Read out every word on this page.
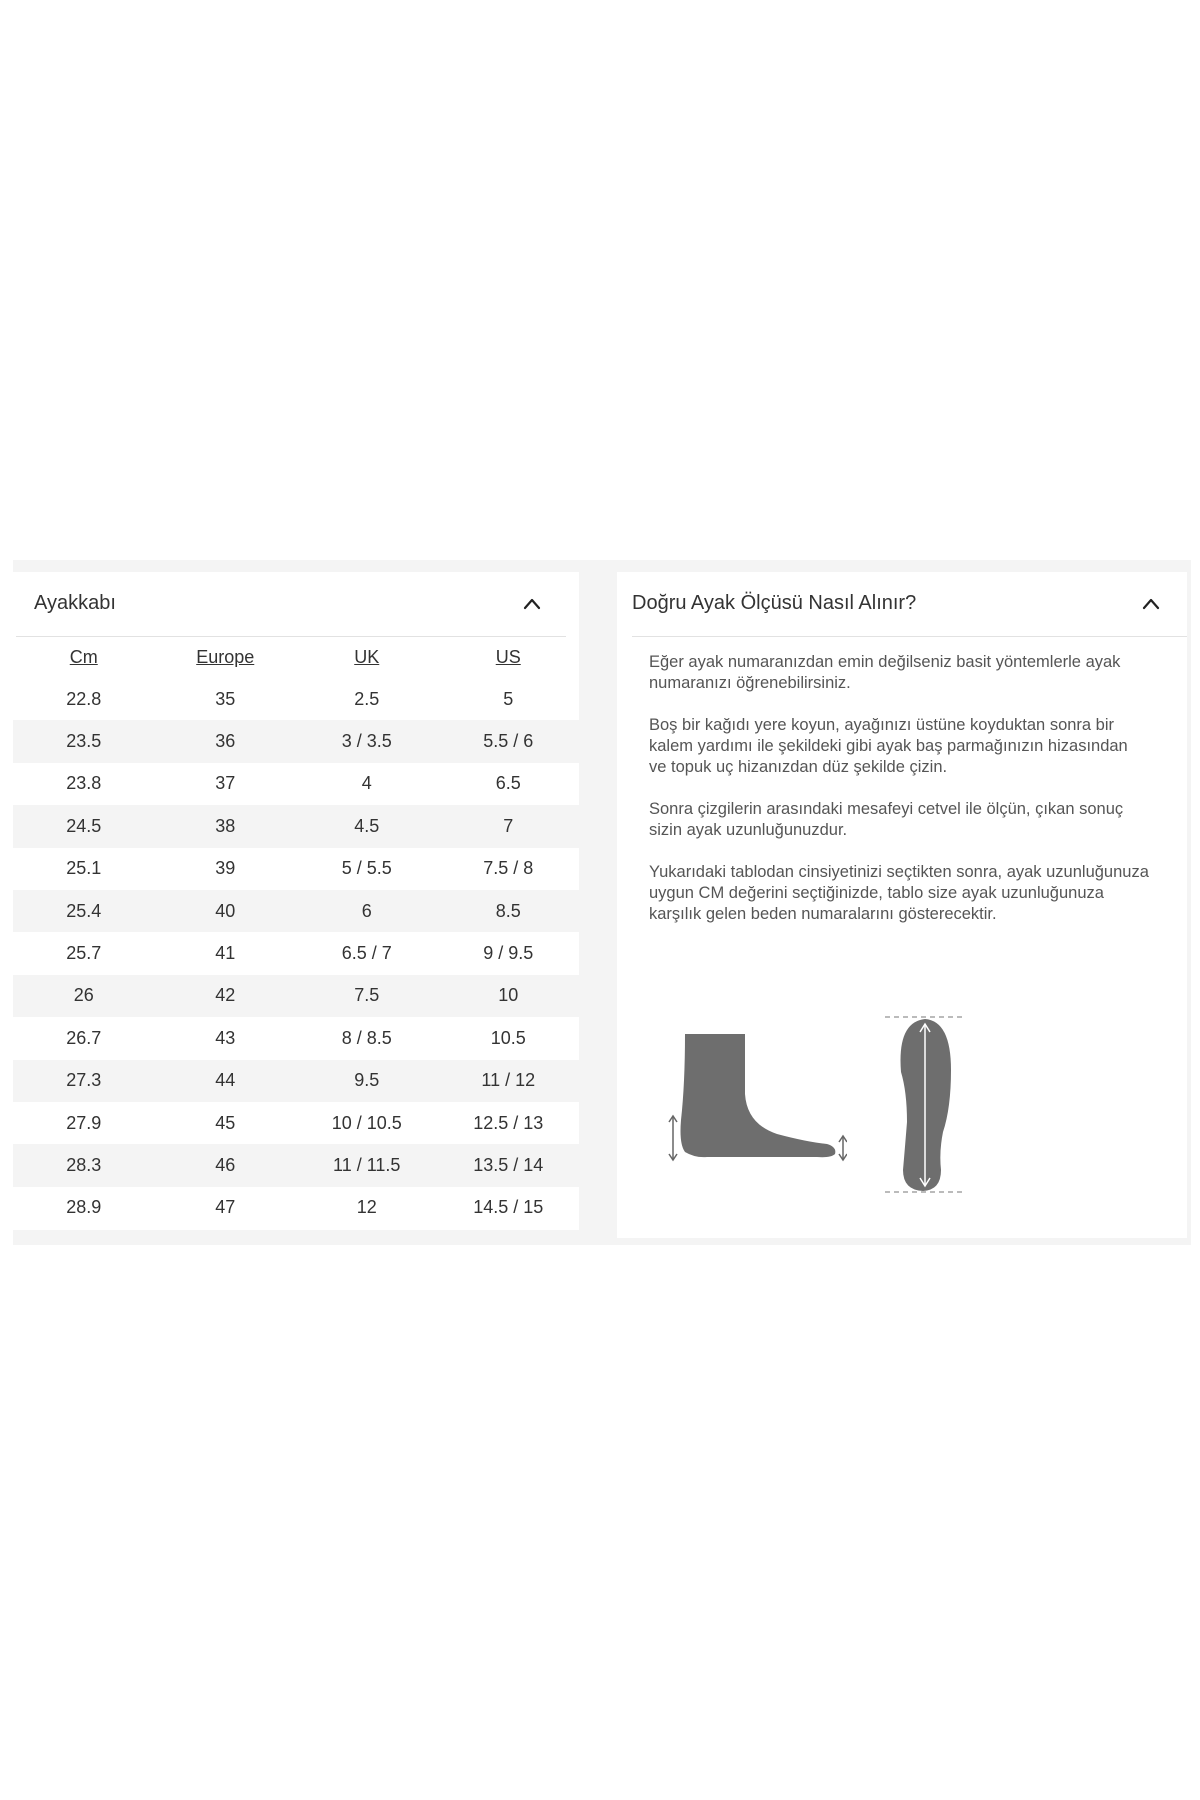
Ayakkabı
Cm	Europe	UK	US
22.8	35	2.5	5
23.5	36	3 / 3.5	5.5 / 6
23.8	37	4	6.5
24.5	38	4.5	7
25.1	39	5 / 5.5	7.5 / 8
25.4	40	6	8.5
25.7	41	6.5 / 7	9 / 9.5
26	42	7.5	10
26.7	43	8 / 8.5	10.5
27.3	44	9.5	11 / 12
27.9	45	10 / 10.5	12.5 / 13
28.3	46	11 / 11.5	13.5 / 14
28.9	47	12	14.5 / 15
Doğru Ayak Ölçüsü Nasıl Alınır?

Eğer ayak numaranızdan emin değilseniz basit yöntemlerle ayak numaranızı öğrenebilirsiniz.

Boş bir kağıdı yere koyun, ayağınızı üstüne koyduktan sonra bir kalem yardımı ile şekildeki gibi ayak baş parmağınızın hizasından ve topuk uç hizanızdan düz şekilde çizin.

Sonra çizgilerin arasındaki mesafeyi cetvel ile ölçün, çıkan sonuç sizin ayak uzunluğunuzdur.

Yukarıdaki tablodan cinsiyetinizi seçtikten sonra, ayak uzunluğunuza uygun CM değerini seçtiğinizde, tablo size ayak uzunluğunuza karşılık gelen beden numaralarını gösterecektir.
